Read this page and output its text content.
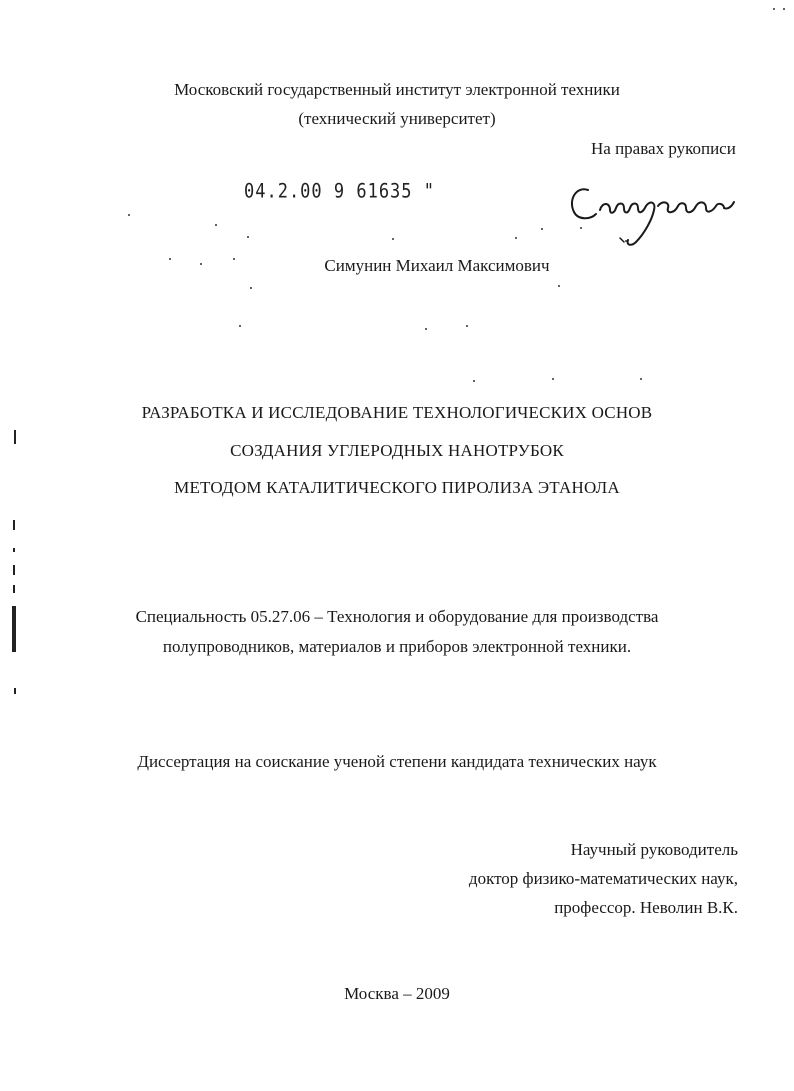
Московский государственный институт электронной техники
(технический университет)
На правах рукописи
04.2.00 9 61635 "
Симунин Михаил Максимович
РАЗРАБОТКА И ИССЛЕДОВАНИЕ ТЕХНОЛОГИЧЕСКИХ ОСНОВ
СОЗДАНИЯ УГЛЕРОДНЫХ НАНОТРУБОК
МЕТОДОМ КАТАЛИТИЧЕСКОГО ПИРОЛИЗА ЭТАНОЛА
Специальность 05.27.06 – Технология и оборудование для производства
полупроводников, материалов и приборов электронной техники.
Диссертация на соискание ученой степени кандидата технических наук
Научный руководитель
доктор физико-математических наук,
профессор. Неволин В.К.
Москва – 2009
